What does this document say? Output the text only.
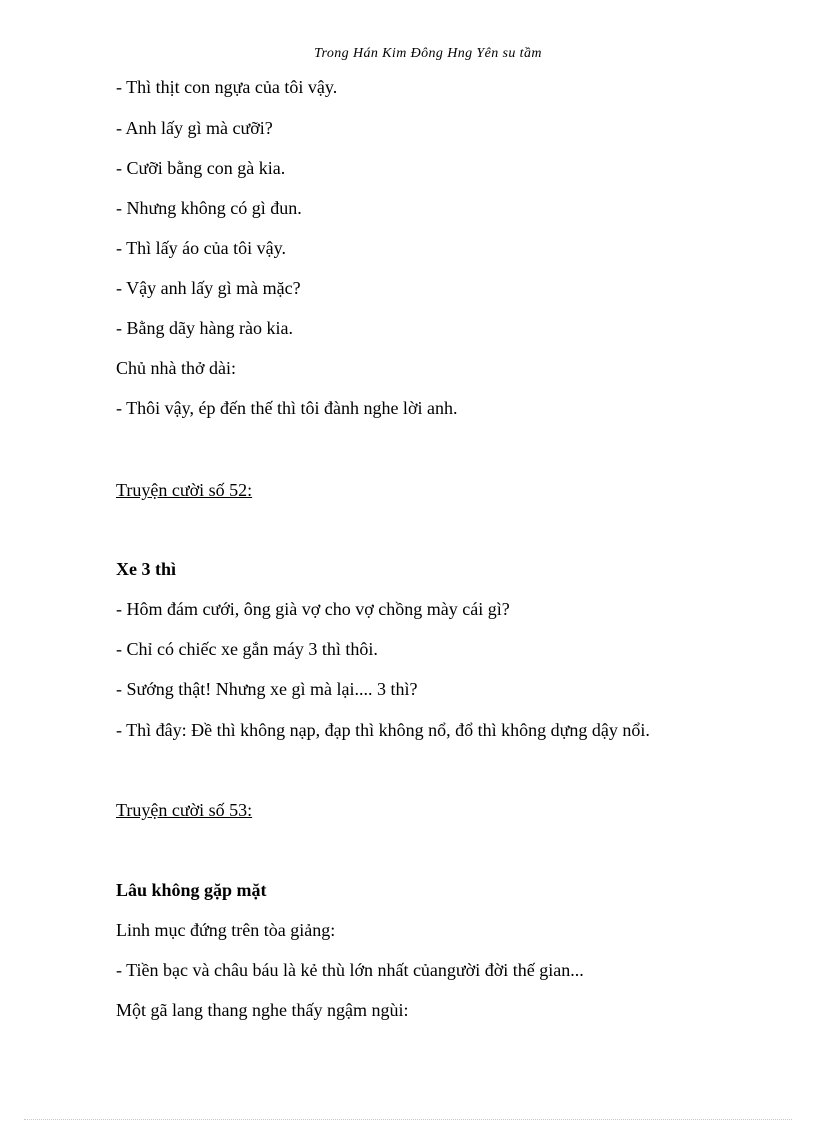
Trong Hán Kim Đông Hng Yên su tầm
- Thì thịt con ngựa của tôi vậy.
- Anh lấy gì mà cưỡi?
- Cưỡi bằng con gà kia.
- Nhưng không có gì đun.
- Thì lấy áo của tôi vậy.
- Vậy anh lấy gì mà mặc?
- Bằng dãy hàng rào kia.
Chủ nhà thở dài:
- Thôi vậy, ép đến thế thì tôi đành nghe lời anh.
Truyện cười số 52:
Xe 3 thì
- Hôm đám cưới, ông già vợ cho vợ chồng mày cái gì?
- Chỉ có chiếc xe gắn máy 3 thì thôi.
- Sướng thật! Nhưng xe gì mà lại.... 3 thì?
- Thì đây: Đề thì không nạp, đạp thì không nổ, đổ thì không dựng dậy nổi.
Truyện cười số 53:
Lâu không gặp mặt
Linh mục đứng trên tòa giảng:
- Tiền bạc và châu báu là kẻ thù lớn nhất củangười đời thế gian...
Một gã lang thang nghe thấy ngậm ngùi:
